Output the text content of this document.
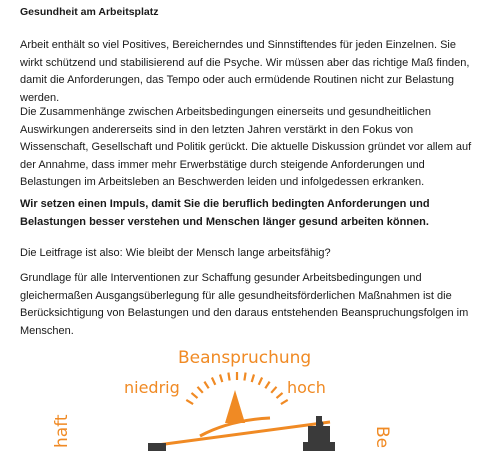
Gesundheit am Arbeitsplatz

Arbeit enthält so viel Positives, Bereicherndes und Sinnstiftendes für jeden Einzelnen. Sie wirkt schützend und stabilisierend auf die Psyche. Wir müssen aber das richtige Maß finden, damit die Anforderungen, das Tempo oder auch ermüdende Routinen nicht zur Belastung werden.

Die Zusammenhänge zwischen Arbeitsbedingungen einerseits und gesundheitlichen Auswirkungen andererseits sind in den letzten Jahren verstärkt in den Fokus von Wissenschaft, Gesellschaft und Politik gerückt. Die aktuelle Diskussion gründet vor allem auf der Annahme, dass immer mehr Erwerbstätige durch steigende Anforderungen und Belastungen im Arbeitsleben an Beschwerden leiden und infolgedessen erkranken.

Wir setzen einen Impuls, damit Sie die beruflich bedingten Anforderungen und Belastungen besser verstehen und Menschen länger gesund arbeiten können.

Die Leitfrage ist also: Wie bleibt der Mensch lange arbeitsfähig?

Grundlage für alle Interventionen zur Schaffung gesunder Arbeitsbedingungen und gleichermaßen Ausgangsüberlegung für alle gesundheitsförderlichen Maßnahmen ist die Berücksichtigung von Belastungen und den daraus entstehenden Beanspruchungsfolgen im Menschen.

Beanspruchung
niedrig	hoch
haft	Be
